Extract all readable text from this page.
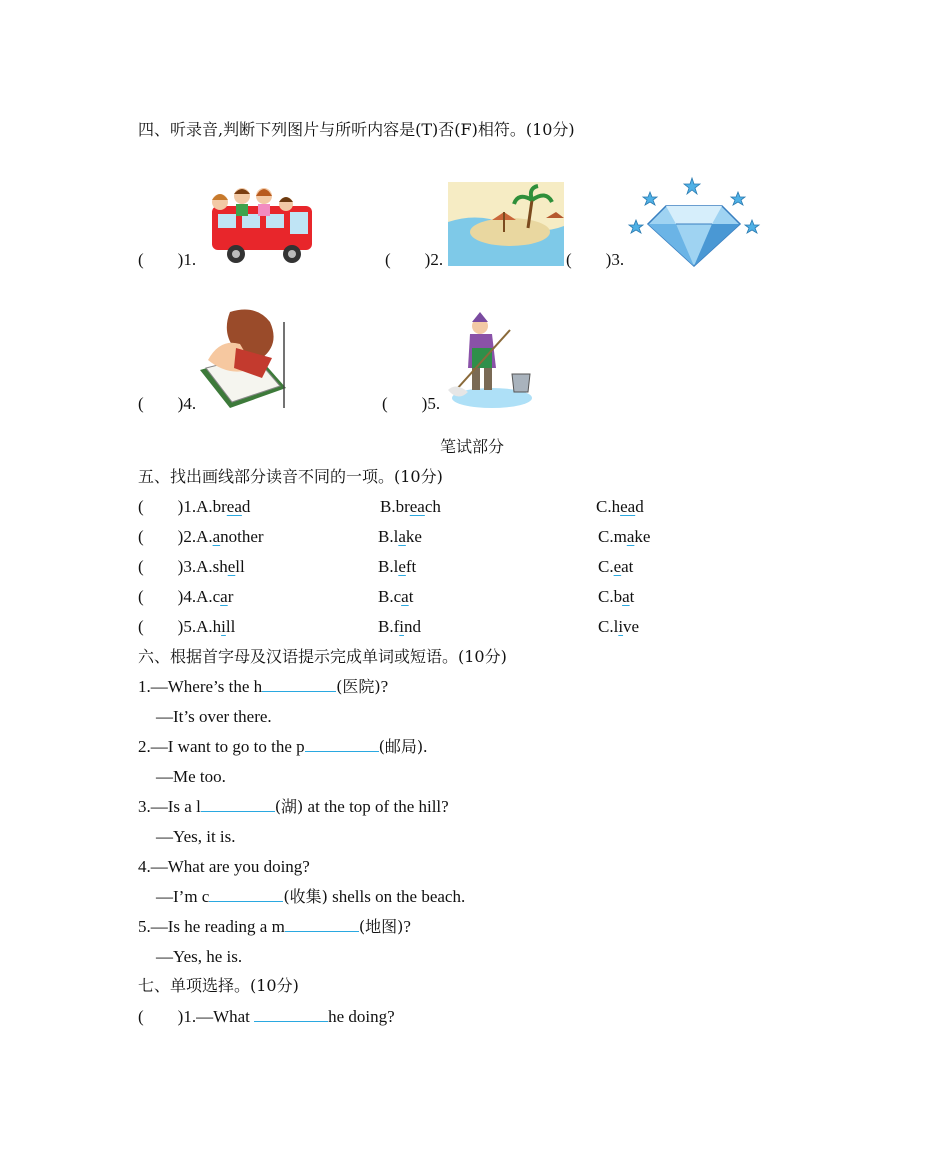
四、听录音,判断下列图片与所听内容是(T)否(F)相符。(10分)
(　　)1.	(　　)2.	(　　)3.
(　　)4.	(　　)5.
笔试部分
五、找出画线部分读音不同的一项。(10分)
(　　)1.A.bread	B.breach	C.head
(　　)2.A.another	B.lake	C.make
(　　)3.A.shell	B.left	C.eat
(　　)4.A.car	B.cat	C.bat
(　　)5.A.hill	B.find	C.live
六、根据首字母及汉语提示完成单词或短语。(10分)
1.—Where’s the h	(医院)?
—It’s over there.
2.—I want to go to the p	(邮局).
—Me too.
3.—Is a l	(湖) at the top of the hill?
—Yes, it is.
4.—What are you doing?
—I’m c	(收集) shells on the beach.
5.—Is he reading a m	(地图)?
—Yes, he is.
七、单项选择。(10分)
(　　)1.—What	he doing?
